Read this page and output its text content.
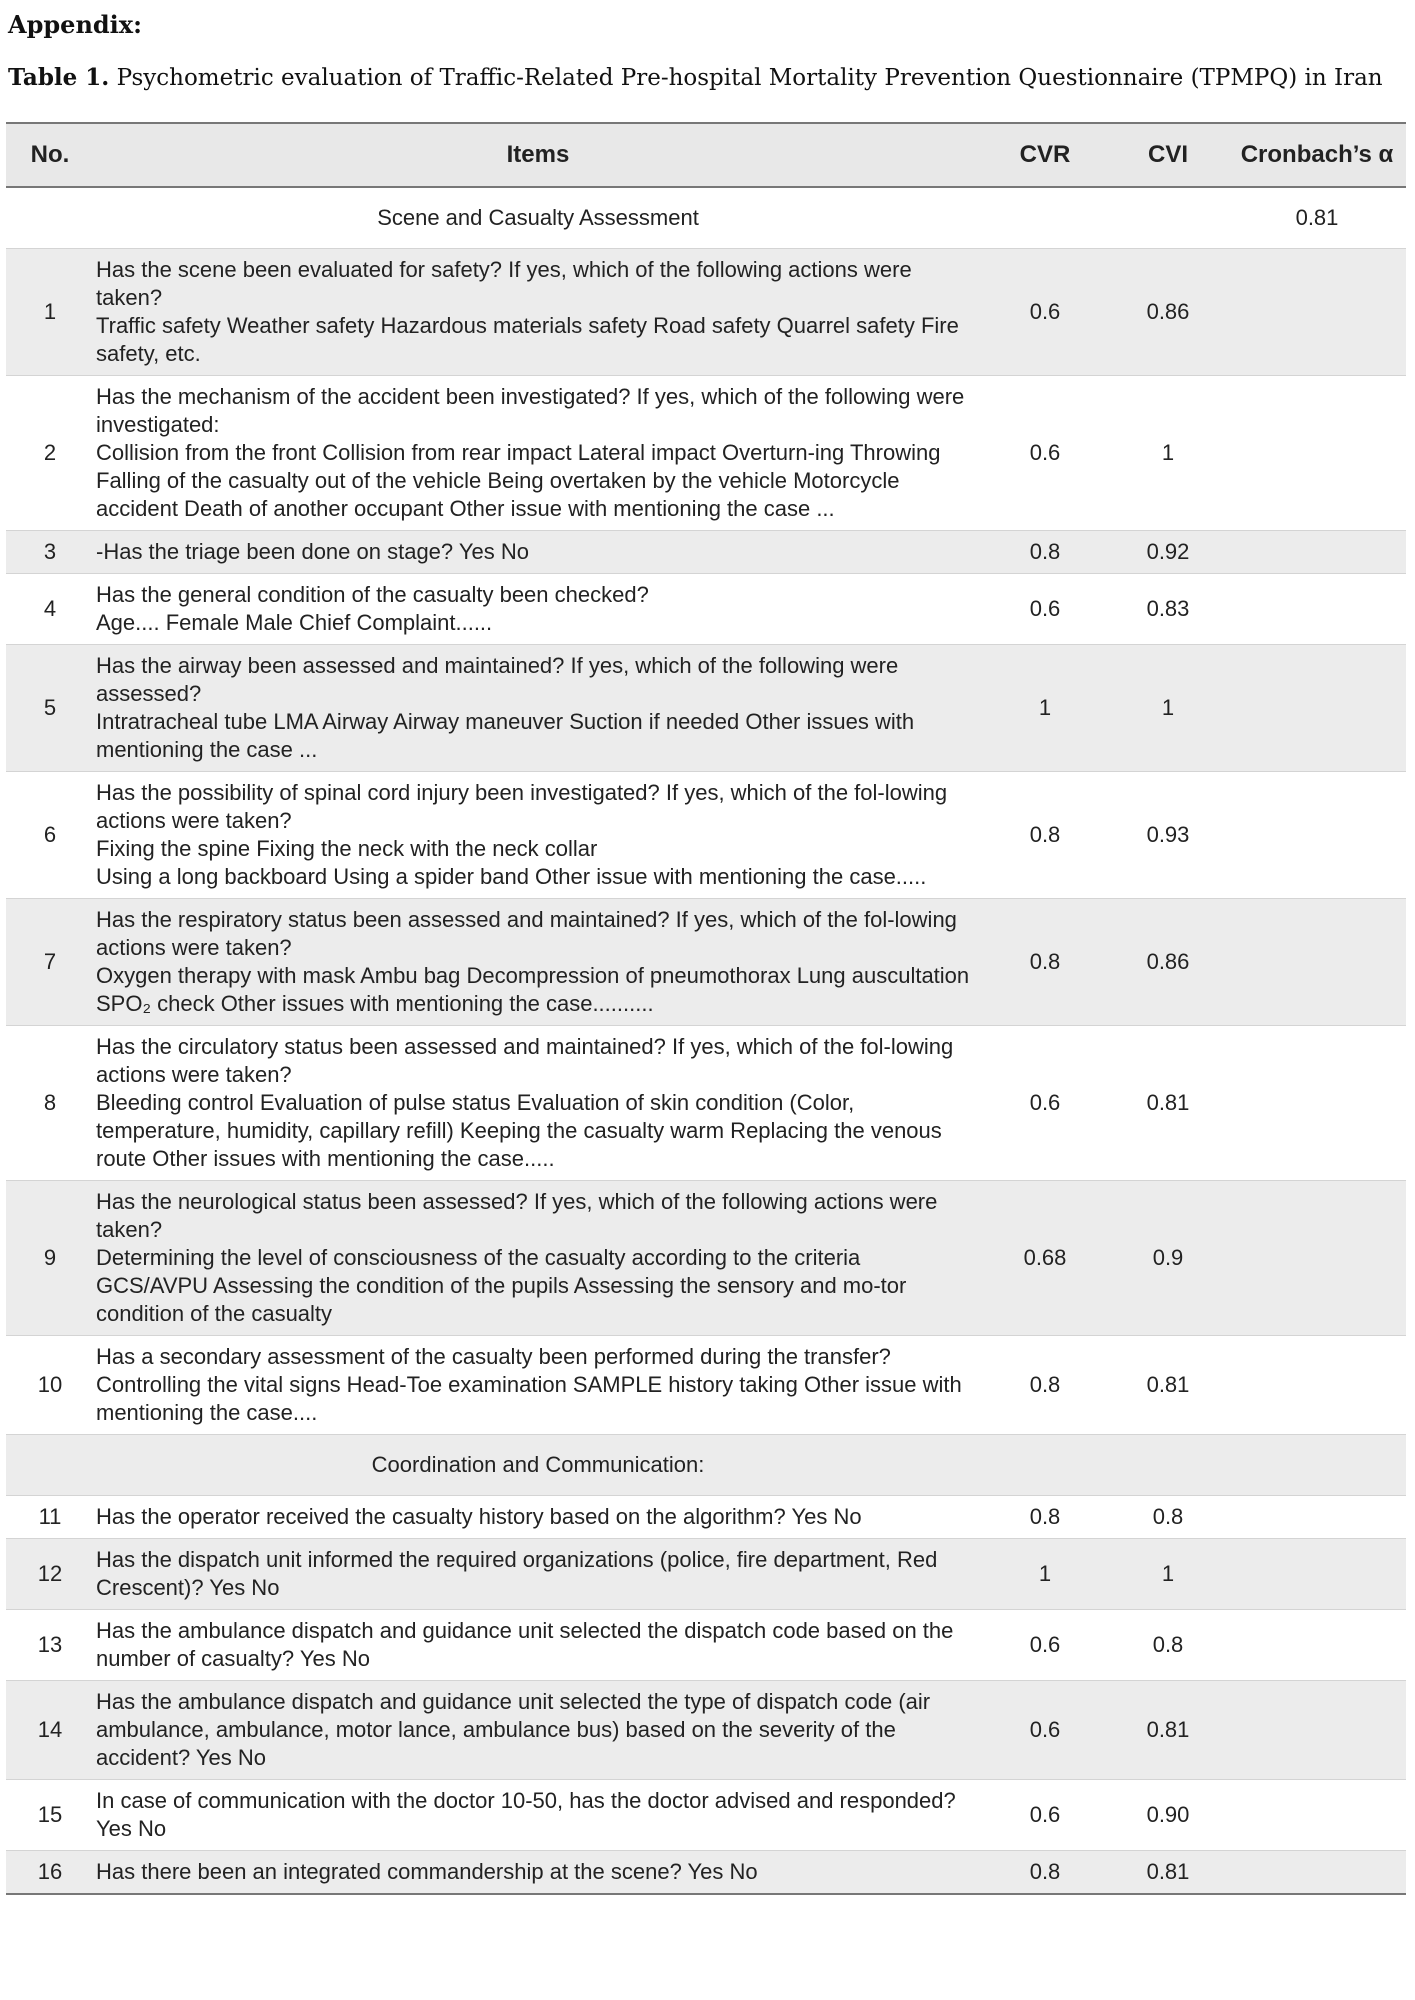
Appendix:
Table 1. Psychometric evaluation of Traffic-Related Pre-hospital Mortality Prevention Questionnaire (TPMPQ) in Iran
No.	Items	CVR	CVI	Cronbach’s α
	Scene and Casualty Assessment			0.81
1	Has the scene been evaluated for safety? If yes, which of the following actions were taken?
Traffic safety Weather safety Hazardous materials safety Road safety Quarrel safety Fire safety, etc.	0.6	0.86	
2	Has the mechanism of the accident been investigated? If yes, which of the following were investigated:
Collision from the front Collision from rear impact Lateral impact Overturn-ing Throwing Falling of the casualty out of the vehicle Being overtaken by the vehicle Motorcycle accident Death of another occupant Other issue with mentioning the case ...	0.6	1	
3	-Has the triage been done on stage? Yes No	0.8	0.92	
4	Has the general condition of the casualty been checked?
Age.... Female Male Chief Complaint......	0.6	0.83	
5	Has the airway been assessed and maintained? If yes, which of the following were assessed?
Intratracheal tube LMA Airway Airway maneuver Suction if needed Other issues with mentioning the case ...	1	1	
6	Has the possibility of spinal cord injury been investigated? If yes, which of the fol-lowing actions were taken?
Fixing the spine Fixing the neck with the neck collar
Using a long backboard Using a spider band Other issue with mentioning the case.....	0.8	0.93	
7	Has the respiratory status been assessed and maintained? If yes, which of the fol-lowing actions were taken?
Oxygen therapy with mask Ambu bag Decompression of pneumothorax Lung auscultation SPO₂ check Other issues with mentioning the case..........	0.8	0.86	
8	Has the circulatory status been assessed and maintained? If yes, which of the fol-lowing actions were taken?
Bleeding control Evaluation of pulse status Evaluation of skin condition (Color, temperature, humidity, capillary refill) Keeping the casualty warm Replacing the venous route Other issues with mentioning the case.....	0.6	0.81	
9	Has the neurological status been assessed? If yes, which of the following actions were taken?
Determining the level of consciousness of the casualty according to the criteria GCS/AVPU Assessing the condition of the pupils Assessing the sensory and mo-tor condition of the casualty	0.68	0.9	
10	Has a secondary assessment of the casualty been performed during the transfer?
Controlling the vital signs Head-Toe examination SAMPLE history taking Other issue with mentioning the case....	0.8	0.81	
	Coordination and Communication:			
11	Has the operator received the casualty history based on the algorithm? Yes No	0.8	0.8	
12	Has the dispatch unit informed the required organizations (police, fire department, Red Crescent)? Yes No	1	1	
13	Has the ambulance dispatch and guidance unit selected the dispatch code based on the number of casualty? Yes No	0.6	0.8	
14	Has the ambulance dispatch and guidance unit selected the type of dispatch code (air ambulance, ambulance, motor lance, ambulance bus) based on the severity of the accident? Yes No	0.6	0.81	
15	In case of communication with the doctor 10-50, has the doctor advised and responded? Yes No	0.6	0.90	
16	Has there been an integrated commandership at the scene? Yes No	0.8	0.81	
